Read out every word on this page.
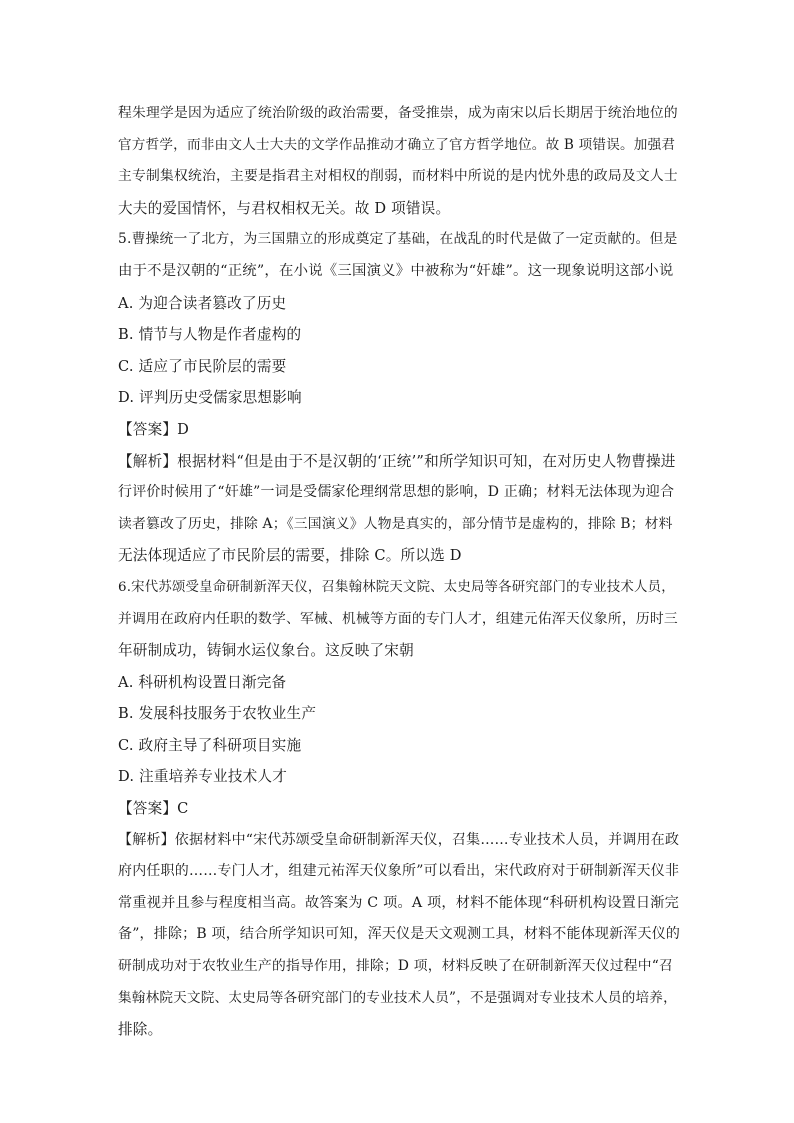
程朱理学是因为适应了统治阶级的政治需要，备受推崇，成为南宋以后长期居于统治地位的
官方哲学，而非由文人士大夫的文学作品推动才确立了官方哲学地位。故 B 项错误。加强君
主专制集权统治，主要是指君主对相权的削弱，而材料中所说的是内忧外患的政局及文人士
大夫的爱国情怀，与君权相权无关。故 D 项错误。
5.曹操统一了北方，为三国鼎立的形成奠定了基础，在战乱的时代是做了一定贡献的。但是
由于不是汉朝的“正统”，在小说《三国演义》中被称为“奸雄”。这一现象说明这部小说
A. 为迎合读者篡改了历史
B. 情节与人物是作者虚构的
C. 适应了市民阶层的需要
D. 评判历史受儒家思想影响
【答案】D
【解析】根据材料“但是由于不是汉朝的‘正统’”和所学知识可知，在对历史人物曹操进
行评价时候用了“奸雄”一词是受儒家伦理纲常思想的影响，D 正确；材料无法体现为迎合
读者篡改了历史，排除 A；《三国演义》人物是真实的，部分情节是虚构的，排除 B；材料
无法体现适应了市民阶层的需要，排除 C。所以选 D
6.宋代苏颂受皇命研制新浑天仪，召集翰林院天文院、太史局等各研究部门的专业技术人员，
并调用在政府内任职的数学、军械、机械等方面的专门人才，组建元佑浑天仪象所，历时三
年研制成功，铸铜水运仪象台。这反映了宋朝
A. 科研机构设置日渐完备
B. 发展科技服务于农牧业生产
C. 政府主导了科研项目实施
D. 注重培养专业技术人才
【答案】C
【解析】依据材料中“宋代苏颂受皇命研制新浑天仪，召集……专业技术人员，并调用在政
府内任职的……专门人才，组建元祐浑天仪象所”可以看出，宋代政府对于研制新浑天仪非
常重视并且参与程度相当高。故答案为 C 项。A 项，材料不能体现“科研机构设置日渐完
备”，排除；B 项，结合所学知识可知，浑天仪是天文观测工具，材料不能体现新浑天仪的
研制成功对于农牧业生产的指导作用，排除；D 项，材料反映了在研制新浑天仪过程中“召
集翰林院天文院、太史局等各研究部门的专业技术人员”，不是强调对专业技术人员的培养，
排除。
